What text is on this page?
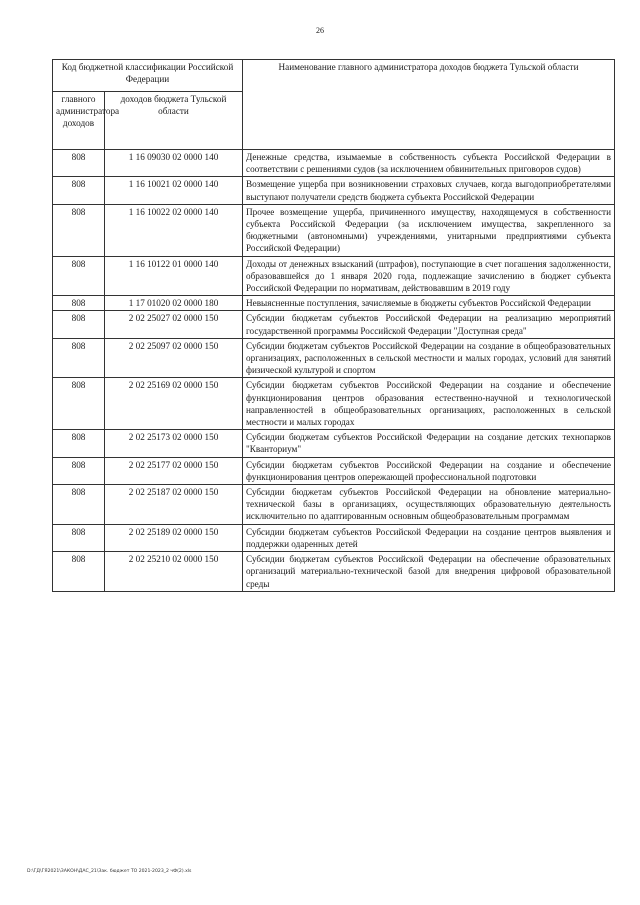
26
Код бюджетной классификации Российской Федерации		Наименование главного администратора доходов бюджета Тульской области
главного администратора доходов	доходов бюджета Тульской области	
808	1 16 09030 02 0000 140	Денежные средства, изымаемые в собственность субъекта Российской Федерации в соответствии с решениями судов (за исключением обвинительных приговоров судов)
808	1 16 10021 02 0000 140	Возмещение ущерба при возникновении страховых случаев, когда выгодоприобретателями выступают получатели средств бюджета субъекта Российской Федерации
808	1 16 10022 02 0000 140	Прочее возмещение ущерба, причиненного имуществу, находящемуся в собственности субъекта Российской Федерации (за исключением имущества, закрепленного за бюджетными (автономными) учреждениями, унитарными предприятиями субъекта Российской Федерации)
808	1 16 10122 01 0000 140	Доходы от денежных взысканий (штрафов), поступающие в счет погашения задолженности, образовавшейся до 1 января 2020 года, подлежащие зачислению в бюджет субъекта Российской Федерации по нормативам, действовавшим в 2019 году
808	1 17 01020 02 0000 180	Невыясненные поступления, зачисляемые в бюджеты субъектов Российской Федерации
808	2 02 25027 02 0000 150	Субсидии бюджетам субъектов Российской Федерации на реализацию мероприятий государственной программы Российской Федерации "Доступная среда"
808	2 02 25097 02 0000 150	Субсидии бюджетам субъектов Российской Федерации на создание в общеобразовательных организациях, расположенных в сельской местности и малых городах, условий для занятий физической культурой и спортом
808	2 02 25169 02 0000 150	Субсидии бюджетам субъектов Российской Федерации на создание и обеспечение функционирования центров образования естественно-научной и технологической направленностей в общеобразовательных организациях, расположенных в сельской местности и малых городах
808	2 02 25173 02 0000 150	Субсидии бюджетам субъектов Российской Федерации на создание детских технопарков "Кванториум"
808	2 02 25177 02 0000 150	Субсидии бюджетам субъектов Российской Федерации на создание и обеспечение функционирования центров опережающей профессиональной подготовки
808	2 02 25187 02 0000 150	Субсидии бюджетам субъектов Российской Федерации на обновление материально-технической базы в организациях, осуществляющих образовательную деятельность исключительно по адаптированным основным общеобразовательным программам
808	2 02 25189 02 0000 150	Субсидии бюджетам субъектов Российской Федерации на создание центров выявления и поддержки одаренных детей
808	2 02 25210 02 0000 150	Субсидии бюджетам субъектов Российской Федерации на обеспечение образовательных организаций материально-технической базой для внедрения цифровой образовательной среды
D:\ГД\ГЯ2021\ЗАКОН\ДАС_21\Зак. бюджет ТО 2021-2023_2 чФ(2).xls
